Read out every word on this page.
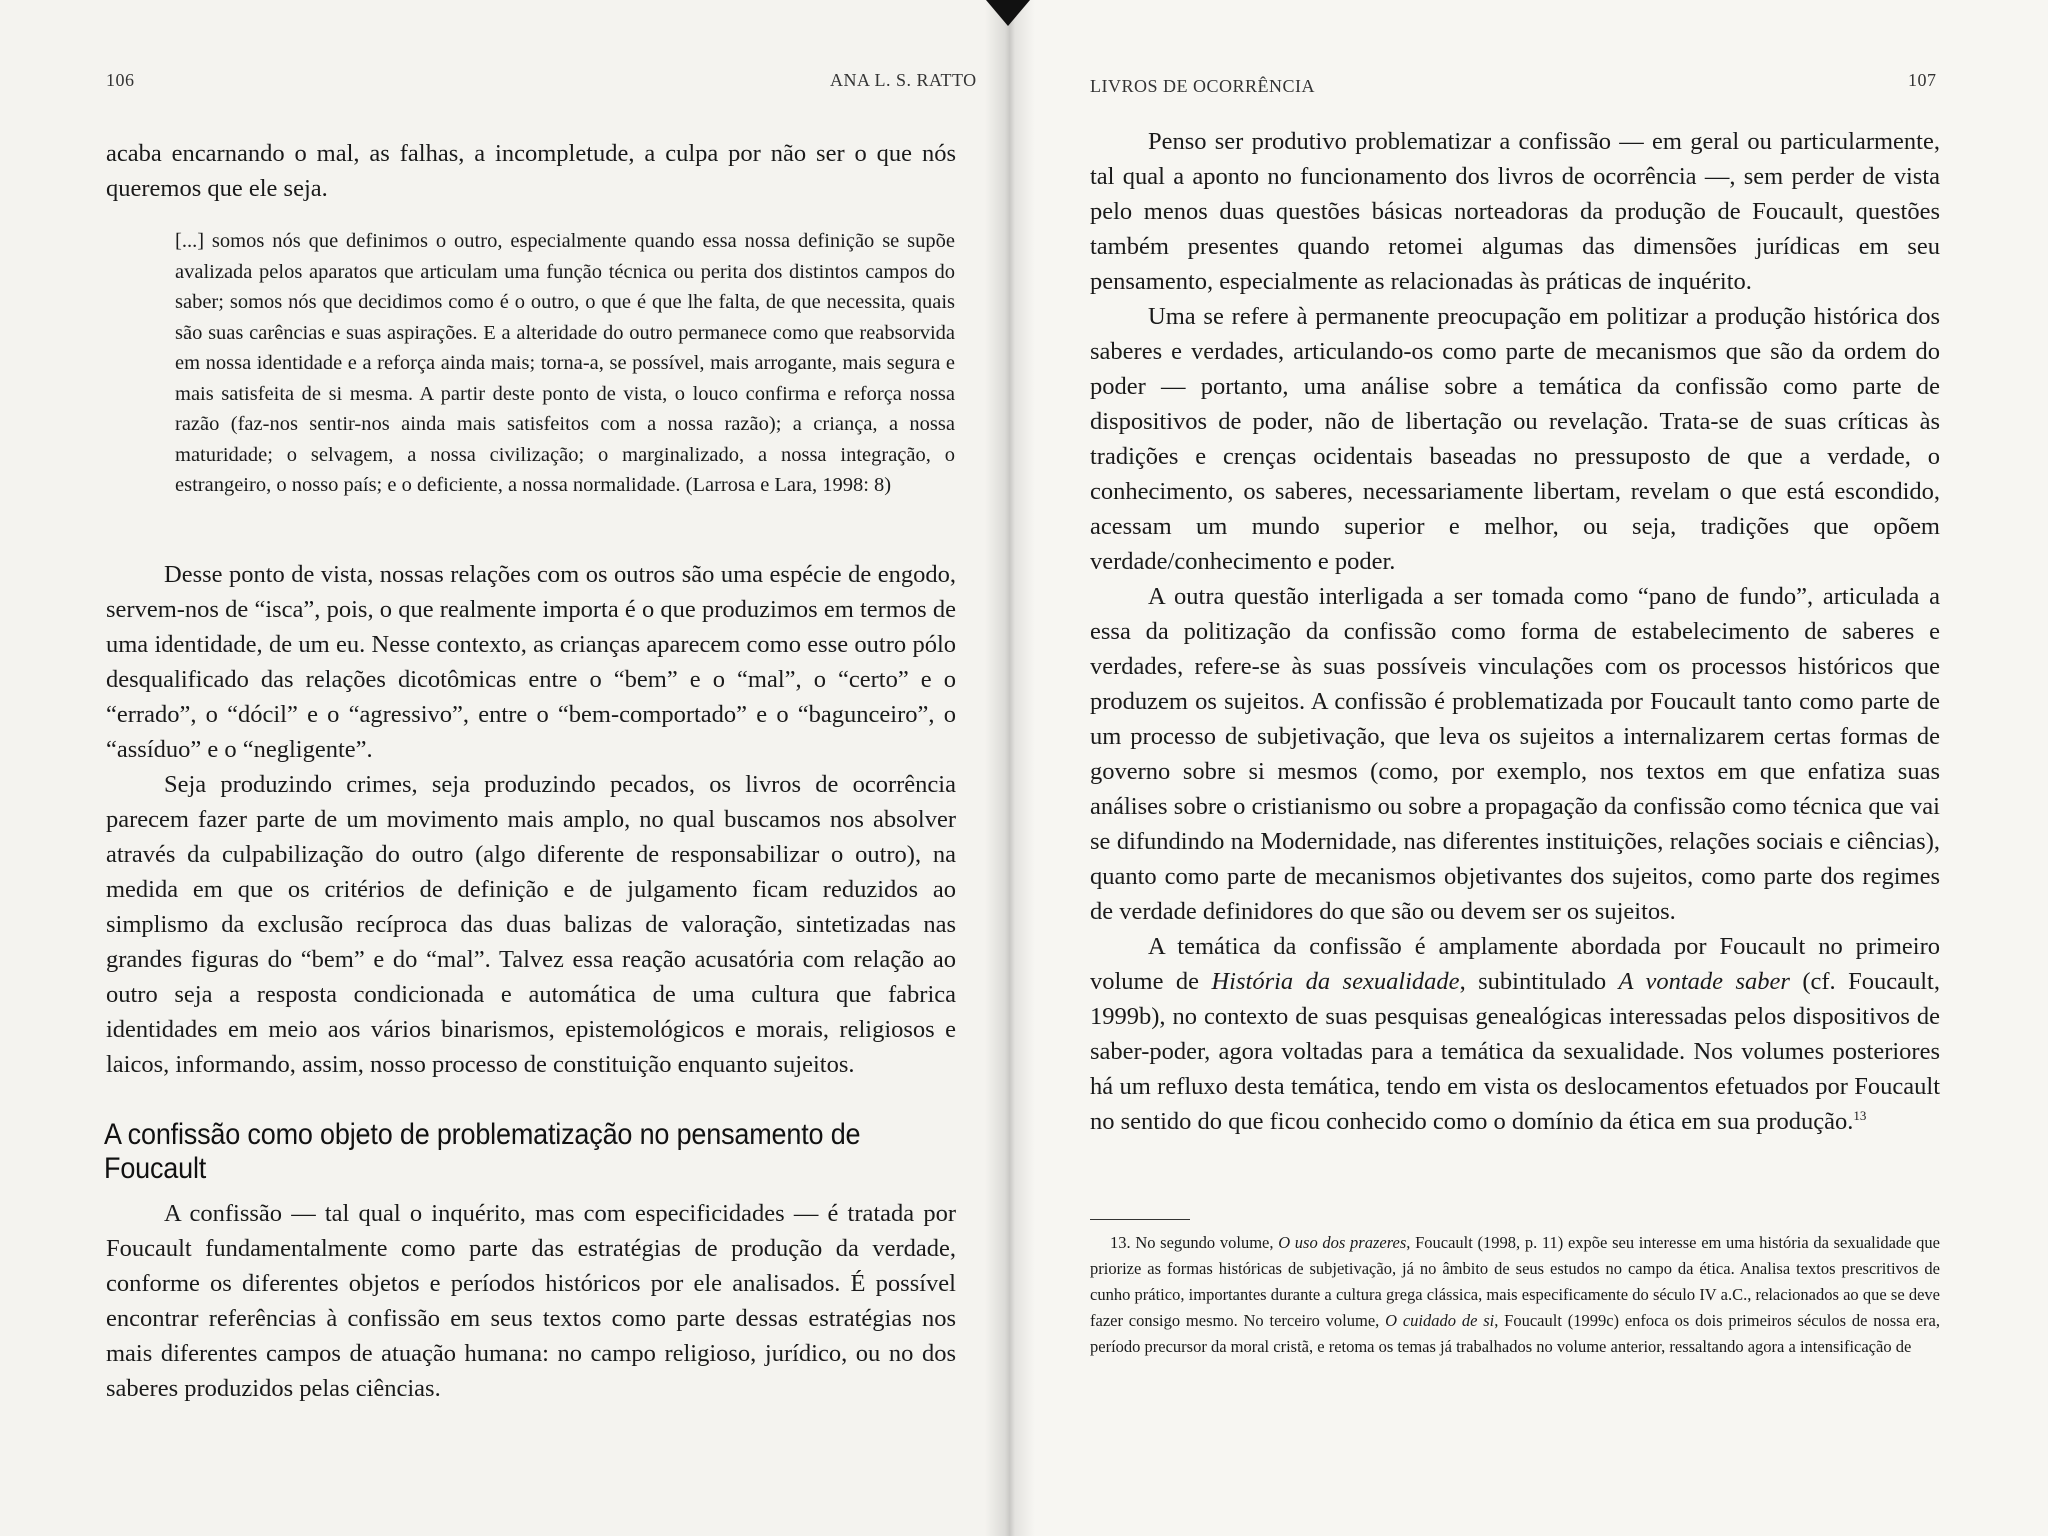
106	ANA L. S. RATTO

acaba encarnando o mal, as falhas, a incompletude, a culpa por não ser o que nós queremos que ele seja.

[...] somos nós que definimos o outro, especialmente quando essa nossa definição se supõe avalizada pelos aparatos que articulam uma função técnica ou perita dos distintos campos do saber; somos nós que decidimos como é o outro, o que é que lhe falta, de que necessita, quais são suas carências e suas aspirações. E a alteridade do outro permanece como que reabsorvida em nossa identidade e a reforça ainda mais; torna-a, se possível, mais arrogante, mais segura e mais satisfeita de si mesma. A partir deste ponto de vista, o louco confirma e reforça nossa razão (faz-nos sentir-nos ainda mais satisfeitos com a nossa razão); a criança, a nossa maturidade; o selvagem, a nossa civilização; o marginalizado, a nossa integração, o estrangeiro, o nosso país; e o deficiente, a nossa normalidade. (Larrosa e Lara, 1998: 8)

Desse ponto de vista, nossas relações com os outros são uma espécie de engodo, servem-nos de “isca”, pois, o que realmente importa é o que produzimos em termos de uma identidade, de um eu. Nesse contexto, as crianças aparecem como esse outro pólo desqualificado das relações dicotômicas entre o “bem” e o “mal”, o “certo” e o “errado”, o “dócil” e o “agressivo”, entre o “bem-comportado” e o “bagunceiro”, o “assíduo” e o “negligente”.

Seja produzindo crimes, seja produzindo pecados, os livros de ocorrência parecem fazer parte de um movimento mais amplo, no qual buscamos nos absolver através da culpabilização do outro (algo diferente de responsabilizar o outro), na medida em que os critérios de definição e de julgamento ficam reduzidos ao simplismo da exclusão recíproca das duas balizas de valoração, sintetizadas nas grandes figuras do “bem” e do “mal”. Talvez essa reação acusatória com relação ao outro seja a resposta condicionada e automática de uma cultura que fabrica identidades em meio aos vários binarismos, epistemológicos e morais, religiosos e laicos, informando, assim, nosso processo de constituição enquanto sujeitos.

A confissão como objeto de problematização no pensamento de Foucault

A confissão — tal qual o inquérito, mas com especificidades — é tratada por Foucault fundamentalmente como parte das estratégias de produção da verdade, conforme os diferentes objetos e períodos históricos por ele analisados. É possível encontrar referências à confissão em seus textos como parte dessas estratégias nos mais diferentes campos de atuação humana: no campo religioso, jurídico, ou no dos saberes produzidos pelas ciências.

LIVROS DE OCORRÊNCIA	107

Penso ser produtivo problematizar a confissão — em geral ou particularmente, tal qual a aponto no funcionamento dos livros de ocorrência —, sem perder de vista pelo menos duas questões básicas norteadoras da produção de Foucault, questões também presentes quando retomei algumas das dimensões jurídicas em seu pensamento, especialmente as relacionadas às práticas de inquérito.

Uma se refere à permanente preocupação em politizar a produção histórica dos saberes e verdades, articulando-os como parte de mecanismos que são da ordem do poder — portanto, uma análise sobre a temática da confissão como parte de dispositivos de poder, não de libertação ou revelação. Trata-se de suas críticas às tradições e crenças ocidentais baseadas no pressuposto de que a verdade, o conhecimento, os saberes, necessariamente libertam, revelam o que está escondido, acessam um mundo superior e melhor, ou seja, tradições que opõem verdade/conhecimento e poder.

A outra questão interligada a ser tomada como “pano de fundo”, articulada a essa da politização da confissão como forma de estabelecimento de saberes e verdades, refere-se às suas possíveis vinculações com os processos históricos que produzem os sujeitos. A confissão é problematizada por Foucault tanto como parte de um processo de subjetivação, que leva os sujeitos a internalizarem certas formas de governo sobre si mesmos (como, por exemplo, nos textos em que enfatiza suas análises sobre o cristianismo ou sobre a propagação da confissão como técnica que vai se difundindo na Modernidade, nas diferentes instituições, relações sociais e ciências), quanto como parte de mecanismos objetivantes dos sujeitos, como parte dos regimes de verdade definidores do que são ou devem ser os sujeitos.

A temática da confissão é amplamente abordada por Foucault no primeiro volume de História da sexualidade, subintitulado A vontade saber (cf. Foucault, 1999b), no contexto de suas pesquisas genealógicas interessadas pelos dispositivos de saber-poder, agora voltadas para a temática da sexualidade. Nos volumes posteriores há um refluxo desta temática, tendo em vista os deslocamentos efetuados por Foucault no sentido do que ficou conhecido como o domínio da ética em sua produção.$^{13}$

13. No segundo volume, O uso dos prazeres, Foucault (1998, p. 11) expõe seu interesse em uma história da sexualidade que priorize as formas históricas de subjetivação, já no âmbito de seus estudos no campo da ética. Analisa textos prescritivos de cunho prático, importantes durante a cultura grega clássica, mais especificamente do século IV a.C., relacionados ao que se deve fazer consigo mesmo. No terceiro volume, O cuidado de si, Foucault (1999c) enfoca os dois primeiros séculos de nossa era, período precursor da moral cristã, e retoma os temas já trabalhados no volume anterior, ressaltando agora a intensificação de
